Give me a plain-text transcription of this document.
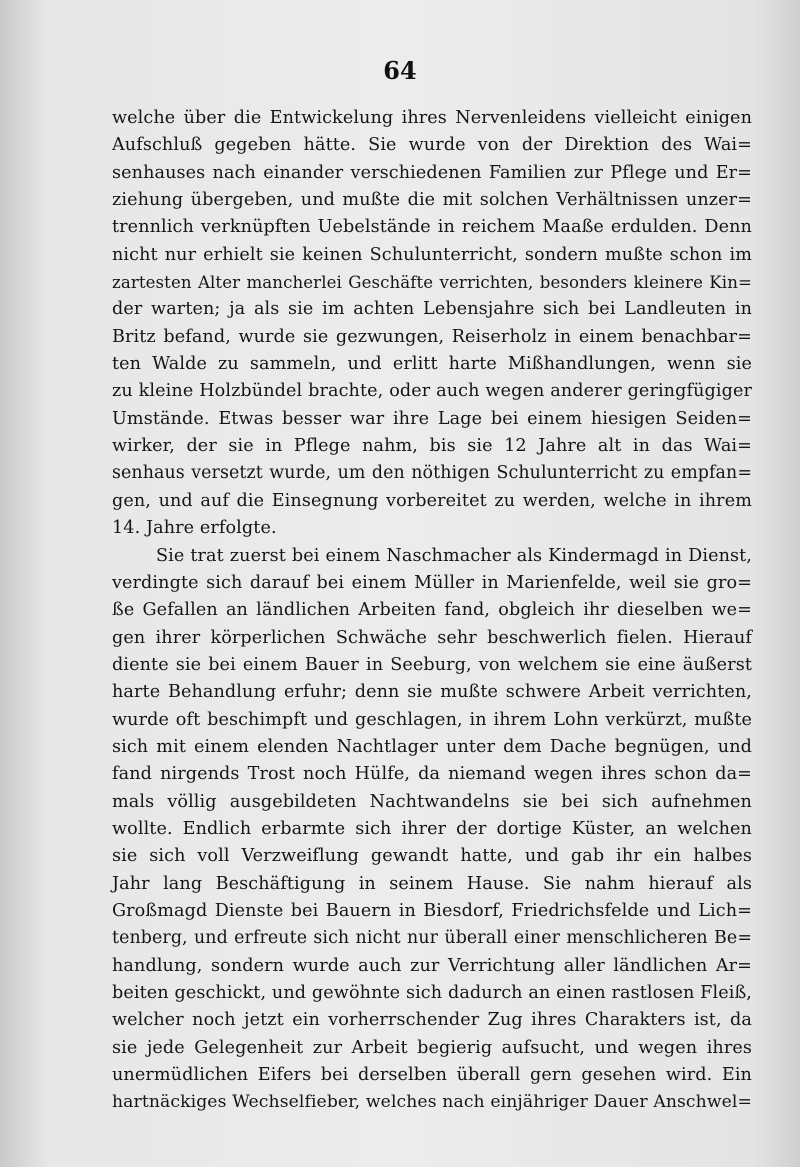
64
welche über die Entwickelung ihres Nervenleidens vielleicht einigen
Aufschluß gegeben hätte. Sie wurde von der Direktion des Wai=
senhauses nach einander verschiedenen Familien zur Pflege und Er=
ziehung übergeben, und mußte die mit solchen Verhältnissen unzer=
trennlich verknüpften Uebelstände in reichem Maaße erdulden. Denn
nicht nur erhielt sie keinen Schulunterricht, sondern mußte schon im
zartesten Alter mancherlei Geschäfte verrichten, besonders kleinere Kin=
der warten; ja als sie im achten Lebensjahre sich bei Landleuten in
Britz befand, wurde sie gezwungen, Reiserholz in einem benachbar=
ten Walde zu sammeln, und erlitt harte Mißhandlungen, wenn sie
zu kleine Holzbündel brachte, oder auch wegen anderer geringfügiger
Umstände. Etwas besser war ihre Lage bei einem hiesigen Seiden=
wirker, der sie in Pflege nahm, bis sie 12 Jahre alt in das Wai=
senhaus versetzt wurde, um den nöthigen Schulunterricht zu empfan=
gen, und auf die Einsegnung vorbereitet zu werden, welche in ihrem
14. Jahre erfolgte.
Sie trat zuerst bei einem Naschmacher als Kindermagd in Dienst,
verdingte sich darauf bei einem Müller in Marienfelde, weil sie gro=
ße Gefallen an ländlichen Arbeiten fand, obgleich ihr dieselben we=
gen ihrer körperlichen Schwäche sehr beschwerlich fielen. Hierauf
diente sie bei einem Bauer in Seeburg, von welchem sie eine äußerst
harte Behandlung erfuhr; denn sie mußte schwere Arbeit verrichten,
wurde oft beschimpft und geschlagen, in ihrem Lohn verkürzt, mußte
sich mit einem elenden Nachtlager unter dem Dache begnügen, und
fand nirgends Trost noch Hülfe, da niemand wegen ihres schon da=
mals völlig ausgebildeten Nachtwandelns sie bei sich aufnehmen
wollte. Endlich erbarmte sich ihrer der dortige Küster, an welchen
sie sich voll Verzweiflung gewandt hatte, und gab ihr ein halbes
Jahr lang Beschäftigung in seinem Hause. Sie nahm hierauf als
Großmagd Dienste bei Bauern in Biesdorf, Friedrichsfelde und Lich=
tenberg, und erfreute sich nicht nur überall einer menschlicheren Be=
handlung, sondern wurde auch zur Verrichtung aller ländlichen Ar=
beiten geschickt, und gewöhnte sich dadurch an einen rastlosen Fleiß,
welcher noch jetzt ein vorherrschender Zug ihres Charakters ist, da
sie jede Gelegenheit zur Arbeit begierig aufsucht, und wegen ihres
unermüdlichen Eifers bei derselben überall gern gesehen wird. Ein
hartnäckiges Wechselfieber, welches nach einjähriger Dauer Anschwel=
